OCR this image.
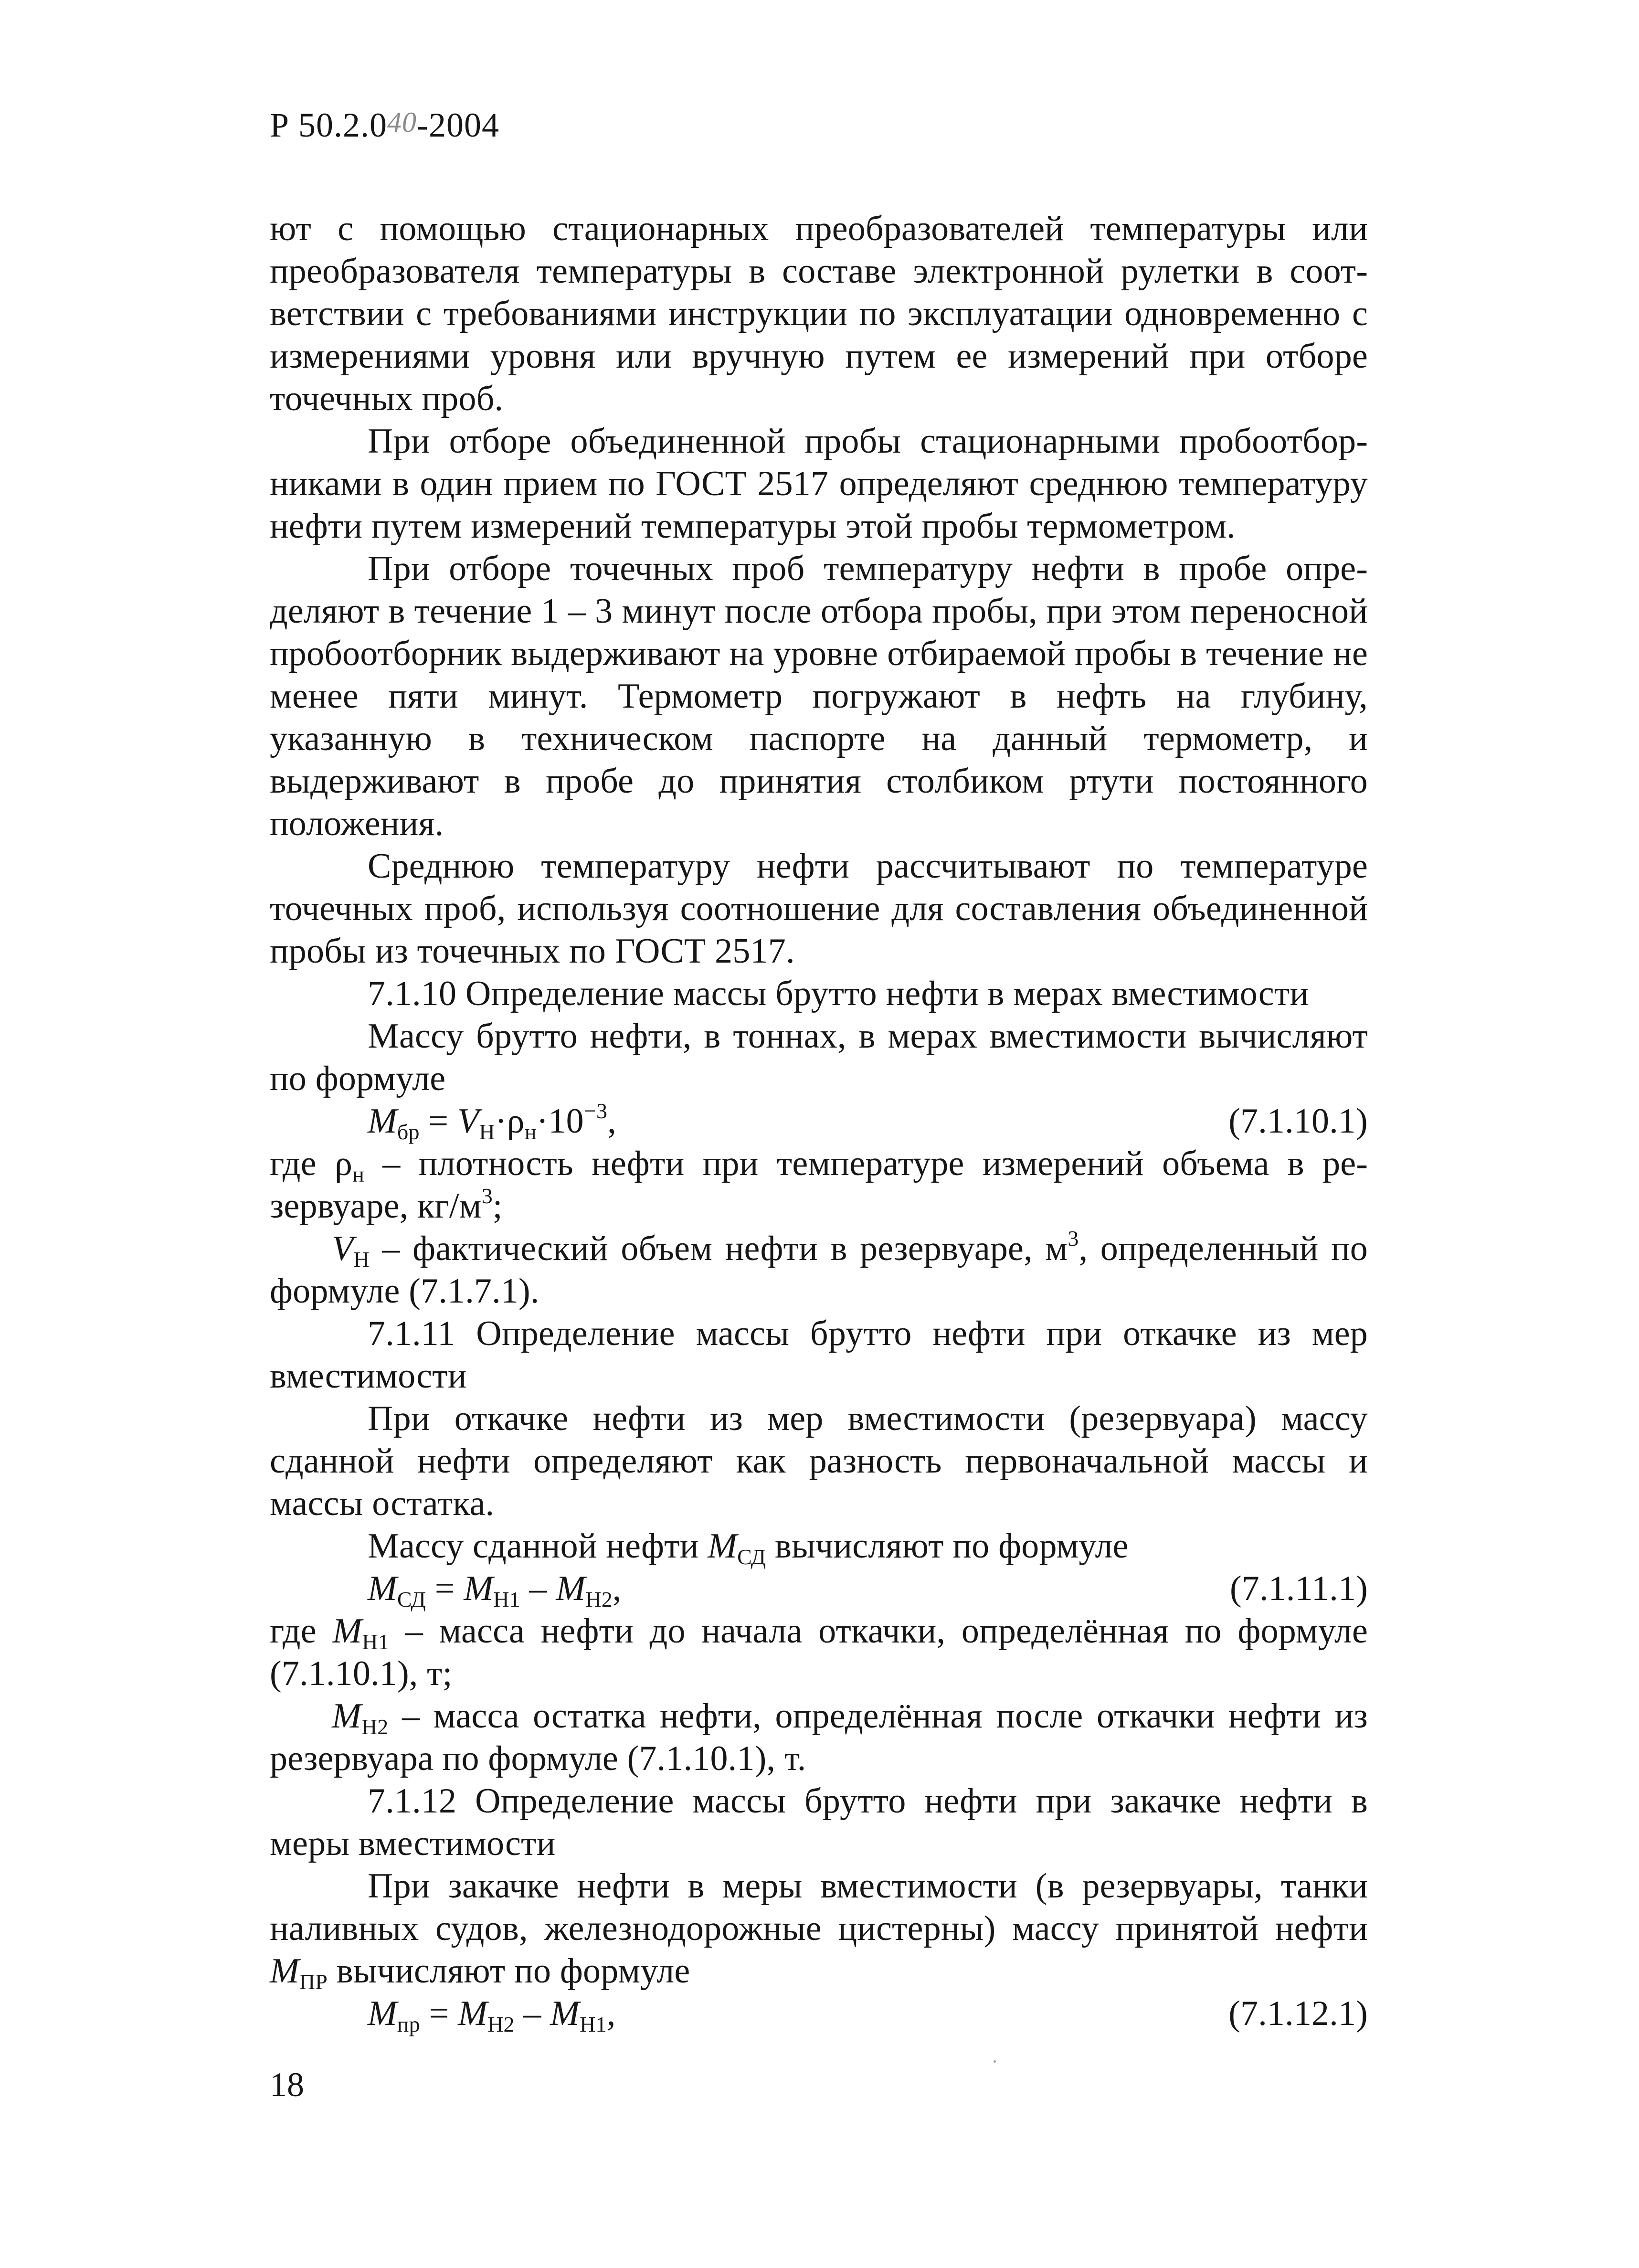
Р 50.2.040-2004

ют с помощью стационарных преобразователей температуры или преобразователя температуры в составе электронной рулетки в соответствии с требованиями инструкции по эксплуатации одновременно с измерениями уровня или вручную путем ее измерений при отборе точечных проб.

При отборе объединенной пробы стационарными пробоотборниками в один прием по ГОСТ 2517 определяют среднюю температуру нефти путем измерений температуры этой пробы термометром.

При отборе точечных проб температуру нефти в пробе определяют в течение 1 – 3 минут после отбора пробы, при этом переносной пробоотборник выдерживают на уровне отбираемой пробы в течение не менее пяти минут. Термометр погружают в нефть на глубину, указанную в техническом паспорте на данный термометр, и выдерживают в пробе до принятия столбиком ртути постоянного положения.

Среднюю температуру нефти рассчитывают по температуре точечных проб, используя соотношение для составления объединенной пробы из точечных по ГОСТ 2517.

7.1.10 Определение массы брутто нефти в мерах вместимости

Массу брутто нефти, в тоннах, в мерах вместимости вычисляют по формуле

$M_{бр} = V_Н\cdot\rho_н\cdot 10^{-3}$,	(7.1.10.1)

где $\rho_н$ – плотность нефти при температуре измерений объема в резервуаре, $кг/м^3$;

$V_Н$ – фактический объем нефти в резервуаре, $м^3$, определенный по формуле (7.1.7.1).

7.1.11 Определение массы брутто нефти при откачке из мер вместимости

При откачке нефти из мер вместимости (резервуара) массу сданной нефти определяют как разность первоначальной массы и массы остатка.

Массу сданной нефти $M_{СД}$ вычисляют по формуле

$M_{СД} = M_{Н1} - M_{Н2}$,	(7.1.11.1)

где $M_{Н1}$ – масса нефти до начала откачки, определённая по формуле (7.1.10.1), т;

$M_{Н2}$ – масса остатка нефти, определённая после откачки нефти из резервуара по формуле (7.1.10.1), т.

7.1.12 Определение массы брутто нефти при закачке нефти в меры вместимости

При закачке нефти в меры вместимости (в резервуары, танки наливных судов, железнодорожные цистерны) массу принятой нефти $M_{ПР}$ вычисляют по формуле

$M_{пр} = M_{Н2} - M_{Н1}$,	(7.1.12.1)
18
